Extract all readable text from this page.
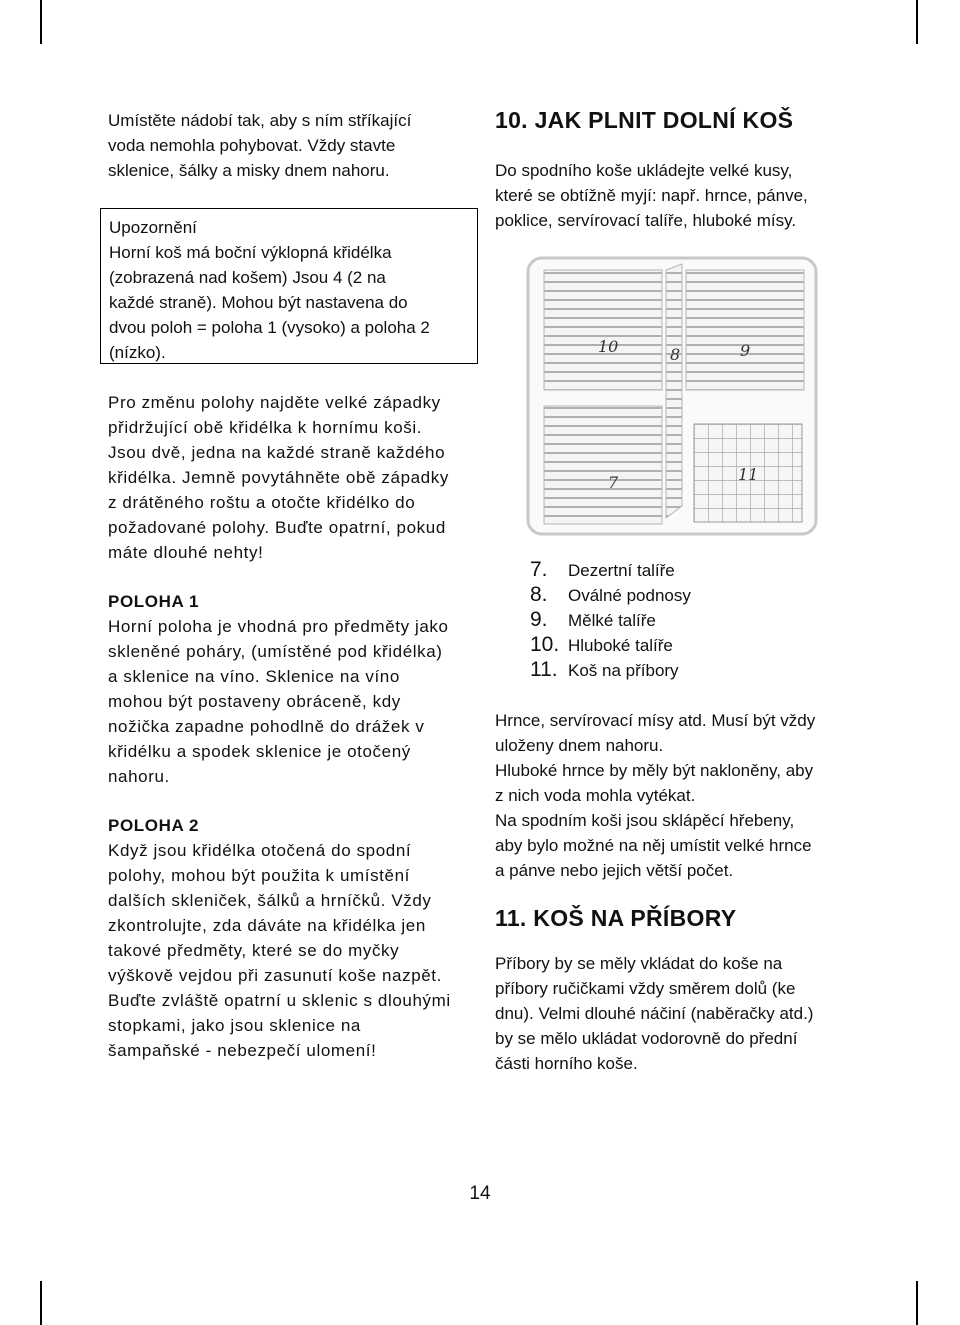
Umístěte nádobí tak, aby s ním stříkající

voda nemohla pohybovat. Vždy stavte

sklenice, šálky a misky dnem nahoru.

Upozornění

Horní koš má boční výklopná křidélka

(zobrazená nad košem) Jsou 4 (2 na

každé straně). Mohou být nastavena do

dvou poloh = poloha 1 (vysoko) a poloha 2

(nízko).

Pro změnu polohy najděte velké západky

přidržující obě křidélka k hornímu koši.

Jsou dvě, jedna na každé straně každého

křidélka. Jemně povytáhněte obě západky

z drátěného roštu a otočte křidélko do

požadované polohy. Buďte opatrní, pokud

máte dlouhé nehty!

POLOHA 1

Horní poloha je vhodná pro předměty jako

skleněné poháry, (umístěné pod křidélka)

a sklenice na víno. Sklenice na víno

mohou být postaveny obráceně, kdy

nožička zapadne pohodlně do drážek v

křidélku a spodek sklenice je otočený

nahoru.

POLOHA 2

Když jsou křidélka otočená do spodní

polohy, mohou být použita k umístění

dalších skleniček, šálků a hrníčků. Vždy

zkontrolujte, zda dáváte na křidélka jen

takové předměty, které se do myčky

výškově vejdou při zasunutí koše nazpět.

Buďte zvláště opatrní u sklenic s dlouhými

stopkami, jako jsou sklenice na

šampaňské - nebezpečí ulomení!

10. JAK PLNIT DOLNÍ KOŠ

Do spodního koše ukládejte velké kusy,

které se obtížně myjí: např. hrnce, pánve,

poklice, servírovací talíře, hluboké mísy.

10	8	9
7	11
7.	Dezertní talíře
8.	Oválné podnosy
9.	Mělké talíře
10. Hluboké talíře
11. Koš na příbory

Hrnce, servírovací mísy atd. Musí být vždy

uloženy dnem nahoru.

Hluboké hrnce by měly být nakloněny, aby

z nich voda mohla vytékat.

Na spodním koši jsou sklápěcí hřebeny,

aby bylo možné na něj umístit velké hrnce

a pánve nebo jejich větší počet.

11. KOŠ NA PŘÍBORY

Příbory by se měly vkládat do koše na

příbory ručičkami vždy směrem dolů (ke

dnu). Velmi dlouhé náčiní (naběračky atd.)

by se mělo ukládat vodorovně do přední

části horního koše.

14
